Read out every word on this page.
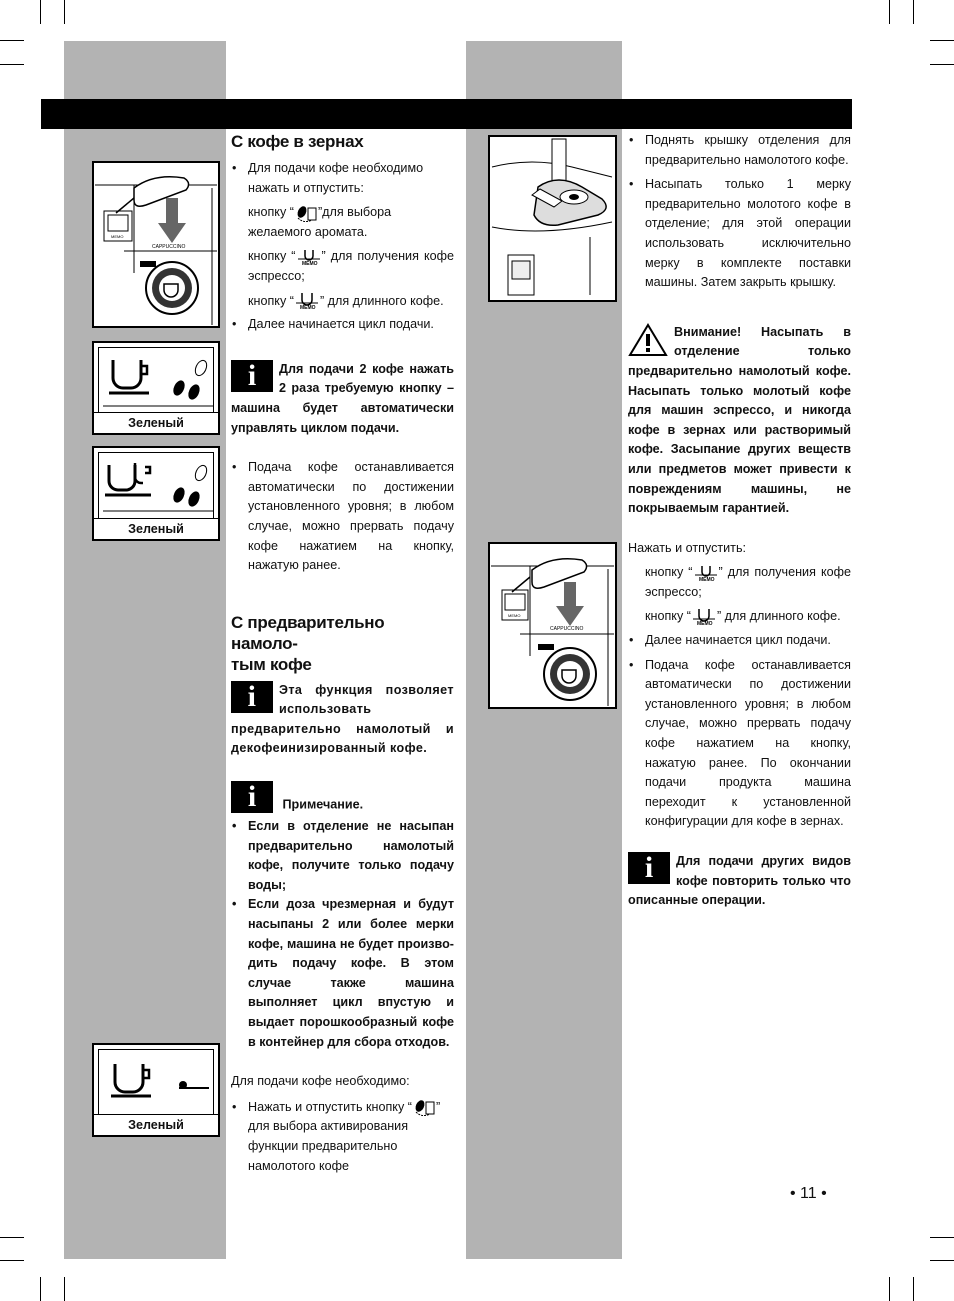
MEMO
CAPPUCCINO
Зеленый
Зеленый
Зеленый
MEMO
CAPPUCCINO
С кофе в зернах
• Для подачи кофе необходимо нажать и отпустить:
кнопку “ ”для выбора желаемого аромата.
кнопку “
MEMO
” для получения кофе эспрессо;
кнопку “
MEMO
” для длинного кофе.
• Далее начинается цикл подачи.
i	Для подачи 2 кофе нажать 2 раза требуемую кнопку – машина будет автоматически управлять циклом подачи.
• Подача кофе останавливается автоматически по достижении установленного уровня; в любом случае, можно прервать подачу кофе нажатием на кнопку, нажатую ранее.
С предварительно намоло-
тым кофе
i	Эта функция позволяет использовать предварительно намолотый и декофеинизированный кофе.
i Примечание.
• Если в отделение не насыпан предварительно намолотый кофе, получите только подачу воды;
• Если доза чрезмерная и будут насыпаны 2 или более мерки кофе, машина не будет произво-дить подачу кофе. В этом случае также машина выполняет цикл впустую и выдает порошкообразный кофе в контейнер для сбора отходов.
Для подачи кофе необходимо:
• Нажать и отпустить кнопку “ ” для выбора активирования функции предварительно намолотого кофе
• Поднять крышку отделения для предварительно намолотого кофе.
• Насыпать только 1 мерку предварительно молотого кофе в отделение; для этой операции использовать исключительно мерку в комплекте поставки машины. Затем закрыть крышку.
Внимание! Насыпать в отделение только предварительно намолотый кофе. Насыпать только молотый кофе для машин эспрессо, и никогда кофе в зернах или растворимый кофе. Засыпание других веществ или предметов может привести к повреждениям машины, не покрываемым гарантией.
Нажать и отпустить:
кнопку “
MEMO
” для получения кофе эспрессо;
кнопку “
MEMO
” для длинного кофе.
• Далее начинается цикл подачи.
• Подача кофе останавливается автоматически по достижении установленного уровня; в любом случае, можно прервать подачу кофе нажатием на кнопку, нажатую ранее. По окончании подачи продукта машина переходит к установленной конфигурации для кофе в зернах.
i	Для подачи других видов кофе повторить только что описанные операции.
• 11 •
